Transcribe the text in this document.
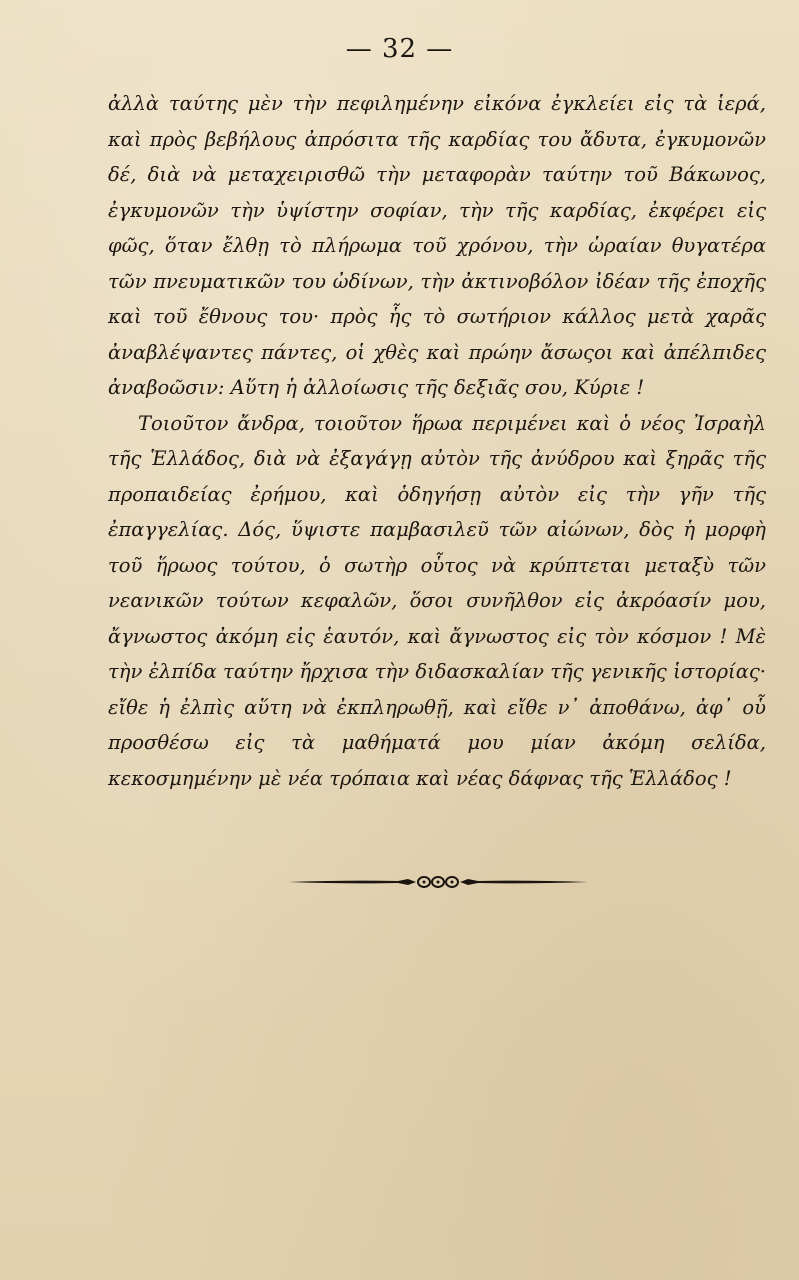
— 32 —

ἀλλὰ ταύτης μὲν τὴν πεφιλημένην εἰκόνα ἐγκλείει εἰς τὰ ἱερά, καὶ πρὸς βεβήλους ἀπρόσιτα τῆς καρδίας του ἄδυτα, ἐγκυμονῶν δέ, διὰ νὰ μεταχειρισθῶ τὴν μεταφορὰν ταύτην τοῦ Βάκωνος, ἐγκυμονῶν τὴν ὑψίστην σοφίαν, τὴν τῆς καρδίας, ἐκφέρει εἰς φῶς, ὅταν ἔλθῃ τὸ πλήρωμα τοῦ χρόνου, τὴν ὡραίαν θυγατέρα τῶν πνευματικῶν του ὠδίνων, τὴν ἀκτινοβόλον ἰδέαν τῆς ἐποχῆς καὶ τοῦ ἔθνους του· πρὸς ἧς τὸ σωτήριον κάλλος μετὰ χαρᾶς ἀναβλέψαντες πάντες, οἱ χθὲς καὶ πρώην ἄσωςοι καὶ ἀπέλπιδες ἀναβοῶσιν: Αὕτη ἡ ἀλλοίωσις τῆς δεξιᾶς σου, Κύριε !

Τοιοῦτον ἄνδρα, τοιοῦτον ἥρωα περιμένει καὶ ὁ νέος Ἰσραὴλ τῆς Ἑλλάδος, διὰ νὰ ἐξαγάγῃ αὐτὸν τῆς ἀνύδρου καὶ ξηρᾶς τῆς προπαιδείας ἐρήμου, καὶ ὁδηγήσῃ αὐτὸν εἰς τὴν γῆν τῆς ἐπαγγελίας. Δός, ὕψιστε παμβασιλεῦ τῶν αἰώνων, δὸς ἡ μορφὴ τοῦ ἥρωος τούτου, ὁ σωτὴρ οὗτος νὰ κρύπτεται μεταξὺ τῶν νεανικῶν τούτων κεφαλῶν, ὅσοι συνῆλθον εἰς ἀκρόασίν μου, ἄγνωστος ἀκόμη εἰς ἑαυτόν, καὶ ἄγνωστος εἰς τὸν κόσμον ! Μὲ τὴν ἐλπίδα ταύτην ἤρχισα τὴν διδασκαλίαν τῆς γενικῆς ἱστορίας· εἴθε ἡ ἐλπὶς αὕτη νὰ ἐκπληρωθῇ, καὶ εἴθε ν᾽ ἀποθάνω, ἀφ᾽ οὗ προσθέσω εἰς τὰ μαθήματά μου μίαν ἀκόμη σελίδα, κεκοσμημένην μὲ νέα τρόπαια καὶ νέας δάφνας τῆς Ἑλλάδος !
